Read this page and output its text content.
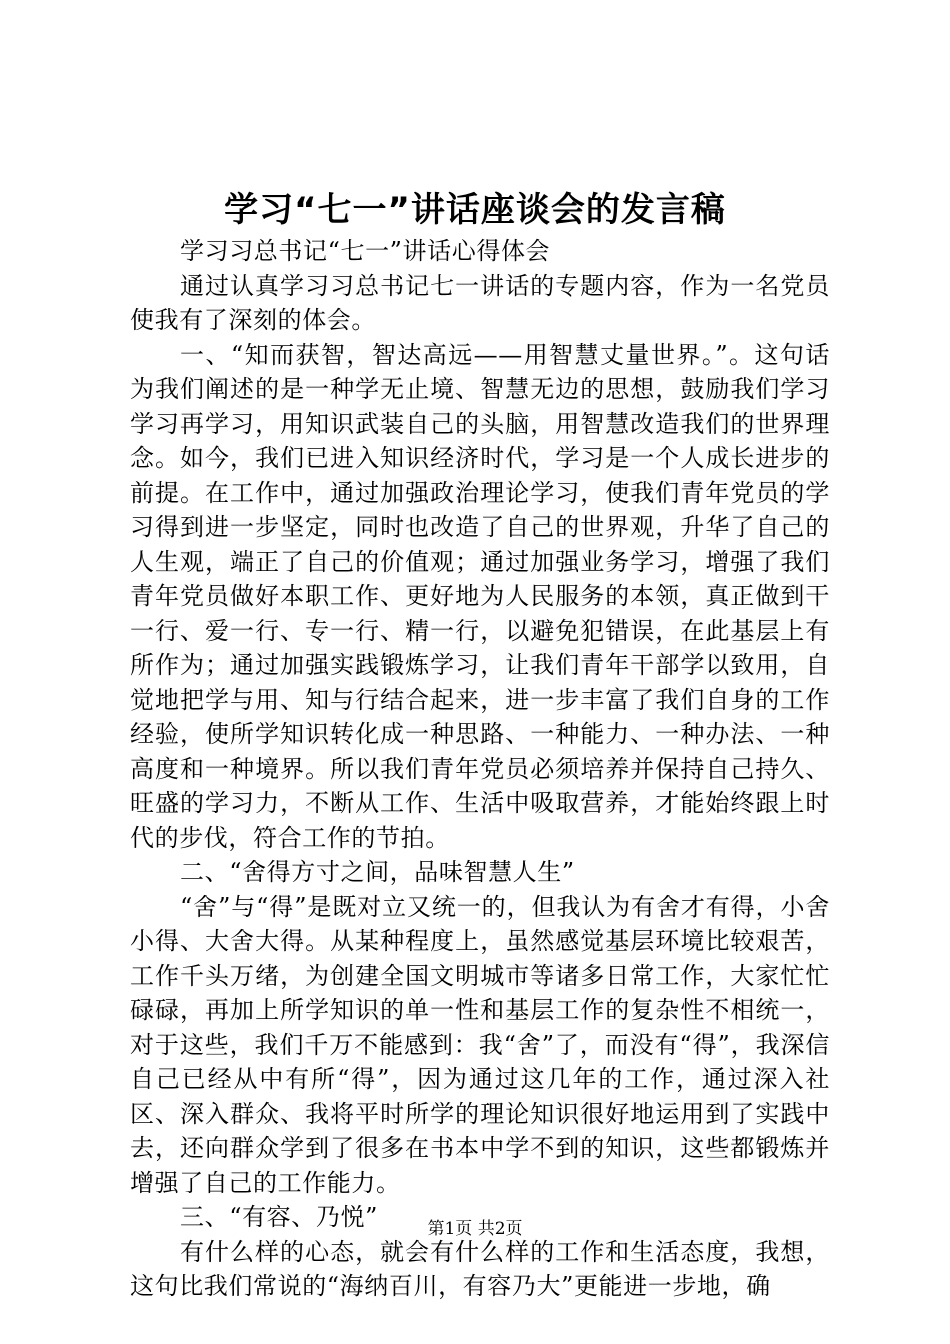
学习“七一”讲话座谈会的发言稿

学习习总书记“七一”讲话心得体会

通过认真学习习总书记七一讲话的专题内容，作为一名党员使我有了深刻的体会。

一、“知而获智，智达高远——用智慧丈量世界。”。这句话为我们阐述的是一种学无止境、智慧无边的思想，鼓励我们学习学习再学习，用知识武装自己的头脑，用智慧改造我们的世界理念。如今，我们已进入知识经济时代，学习是一个人成长进步的前提。在工作中，通过加强政治理论学习，使我们青年党员的学习得到进一步坚定，同时也改造了自己的世界观，升华了自己的人生观，端正了自己的价值观；通过加强业务学习，增强了我们青年党员做好本职工作、更好地为人民服务的本领，真正做到干一行、爱一行、专一行、精一行，以避免犯错误，在此基层上有所作为；通过加强实践锻炼学习，让我们青年干部学以致用，自觉地把学与用、知与行结合起来，进一步丰富了我们自身的工作经验，使所学知识转化成一种思路、一种能力、一种办法、一种高度和一种境界。所以我们青年党员必须培养并保持自己持久、旺盛的学习力，不断从工作、生活中吸取营养，才能始终跟上时代的步伐，符合工作的节拍。

二、“舍得方寸之间，品味智慧人生”

“舍”与“得”是既对立又统一的，但我认为有舍才有得，小舍小得、大舍大得。从某种程度上，虽然感觉基层环境比较艰苦，工作千头万绪，为创建全国文明城市等诸多日常工作，大家忙忙碌碌，再加上所学知识的单一性和基层工作的复杂性不相统一，对于这些，我们千万不能感到：我“舍”了，而没有“得”，我深信自己已经从中有所“得”，因为通过这几年的工作，通过深入社区、深入群众、我将平时所学的理论知识很好地运用到了实践中去，还向群众学到了很多在书本中学不到的知识，这些都锻炼并增强了自己的工作能力。

三、“有容、乃悦”

有什么样的心态，就会有什么样的工作和生活态度，我想，这句比我们常说的“海纳百川，有容乃大”更能进一步地，确

第1页 共2页
